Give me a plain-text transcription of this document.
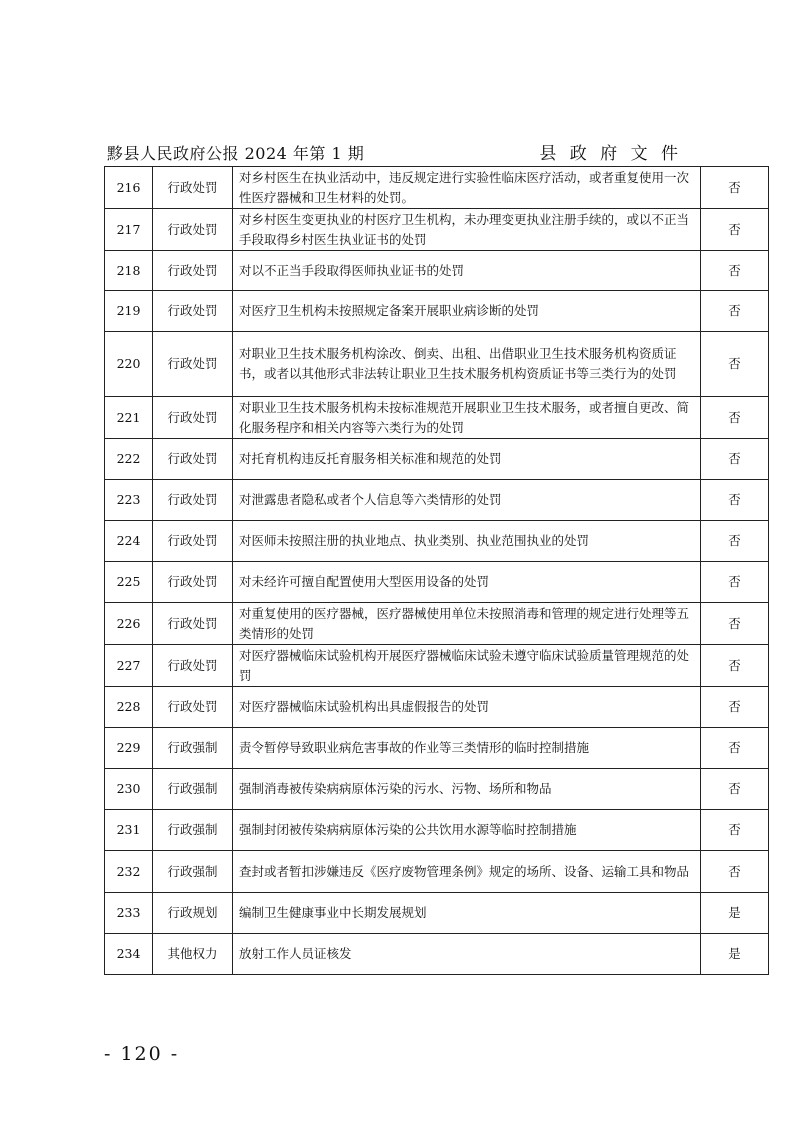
黟县人民政府公报 2024 年第 1 期	县 政 府 文 件
216	行政处罚	对乡村医生在执业活动中，违反规定进行实验性临床医疗活动，或者重复使用一次性医疗器械和卫生材料的处罚。	否
217	行政处罚	对乡村医生变更执业的村医疗卫生机构，未办理变更执业注册手续的，或以不正当手段取得乡村医生执业证书的处罚	否
218	行政处罚	对以不正当手段取得医师执业证书的处罚	否
219	行政处罚	对医疗卫生机构未按照规定备案开展职业病诊断的处罚	否
220	行政处罚	对职业卫生技术服务机构涂改、倒卖、出租、出借职业卫生技术服务机构资质证书，或者以其他形式非法转让职业卫生技术服务机构资质证书等三类行为的处罚	否
221	行政处罚	对职业卫生技术服务机构未按标准规范开展职业卫生技术服务，或者擅自更改、简化服务程序和相关内容等六类行为的处罚	否
222	行政处罚	对托育机构违反托育服务相关标准和规范的处罚	否
223	行政处罚	对泄露患者隐私或者个人信息等六类情形的处罚	否
224	行政处罚	对医师未按照注册的执业地点、执业类别、执业范围执业的处罚	否
225	行政处罚	对未经许可擅自配置使用大型医用设备的处罚	否
226	行政处罚	对重复使用的医疗器械，医疗器械使用单位未按照消毒和管理的规定进行处理等五类情形的处罚	否
227	行政处罚	对医疗器械临床试验机构开展医疗器械临床试验未遵守临床试验质量管理规范的处罚	否
228	行政处罚	对医疗器械临床试验机构出具虚假报告的处罚	否
229	行政强制	责令暂停导致职业病危害事故的作业等三类情形的临时控制措施	否
230	行政强制	强制消毒被传染病病原体污染的污水、污物、场所和物品	否
231	行政强制	强制封闭被传染病病原体污染的公共饮用水源等临时控制措施	否
232	行政强制	查封或者暂扣涉嫌违反《医疗废物管理条例》规定的场所、设备、运输工具和物品	否
233	行政规划	编制卫生健康事业中长期发展规划	是
234	其他权力	放射工作人员证核发	是
- 120 -
